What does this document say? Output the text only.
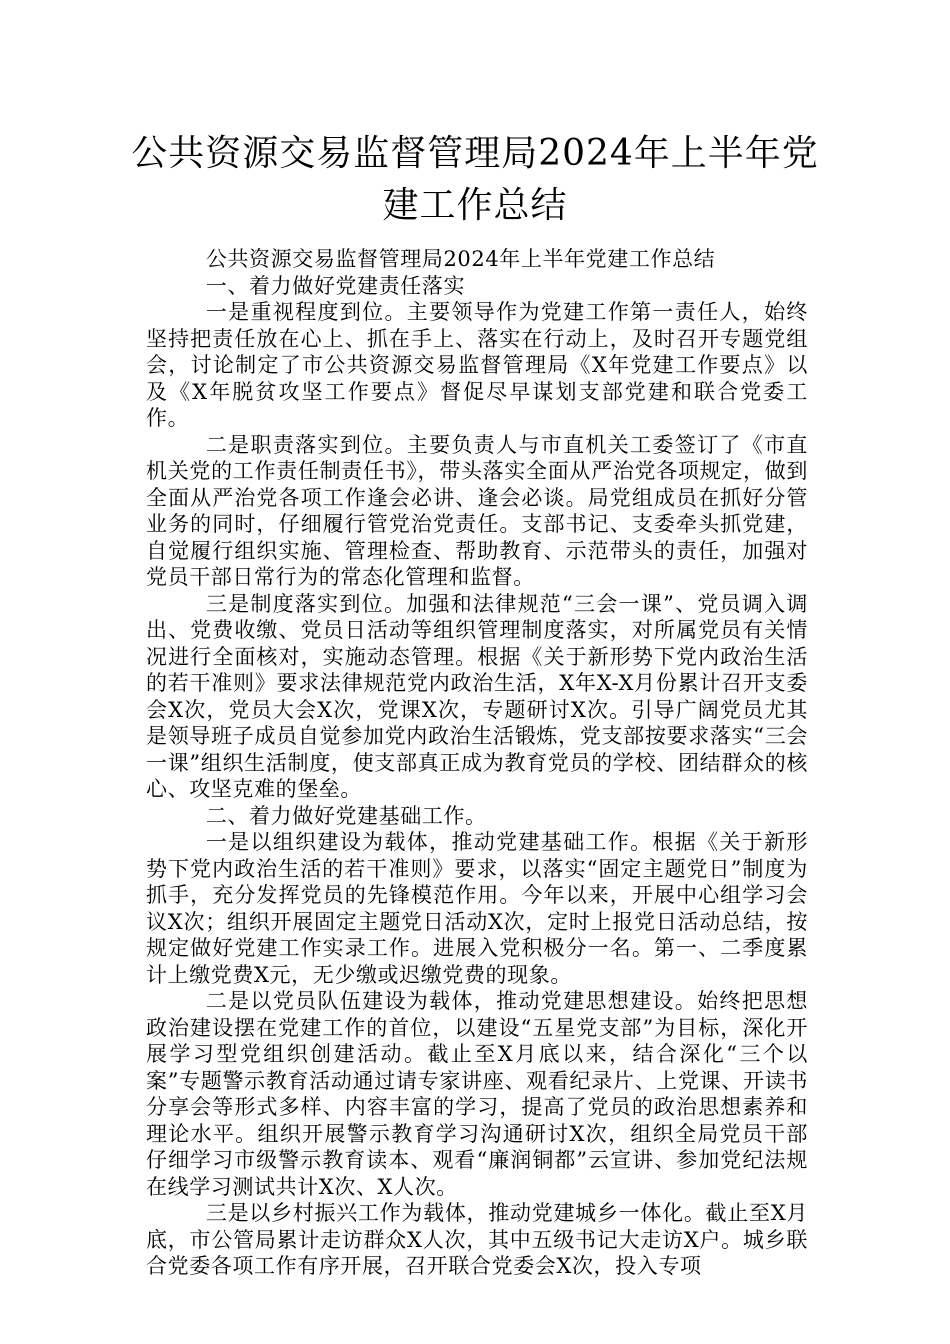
公共资源交易监督管理局2024年上半年党建工作总结

公共资源交易监督管理局2024年上半年党建工作总结

一、着力做好党建责任落实

一是重视程度到位。主要领导作为党建工作第一责任人，始终坚持把责任放在心上、抓在手上、落实在行动上，及时召开专题党组会，讨论制定了市公共资源交易监督管理局《X年党建工作要点》以及《X年脱贫攻坚工作要点》督促尽早谋划支部党建和联合党委工作。

二是职责落实到位。主要负责人与市直机关工委签订了《市直机关党的工作责任制责任书》，带头落实全面从严治党各项规定，做到全面从严治党各项工作逢会必讲、逢会必谈。局党组成员在抓好分管业务的同时，仔细履行管党治党责任。支部书记、支委牵头抓党建，自觉履行组织实施、管理检查、帮助教育、示范带头的责任，加强对党员干部日常行为的常态化管理和监督。

三是制度落实到位。加强和法律规范“三会一课”、党员调入调出、党费收缴、党员日活动等组织管理制度落实，对所属党员有关情况进行全面核对，实施动态管理。根据《关于新形势下党内政治生活的若干准则》要求法律规范党内政治生活，X年X-X月份累计召开支委会X次，党员大会X次，党课X次，专题研讨X次。引导广阔党员尤其是领导班子成员自觉参加党内政治生活锻炼，党支部按要求落实“三会一课”组织生活制度，使支部真正成为教育党员的学校、团结群众的核心、攻坚克难的堡垒。

二、着力做好党建基础工作。

一是以组织建设为载体，推动党建基础工作。根据《关于新形势下党内政治生活的若干准则》要求，以落实“固定主题党日”制度为抓手，充分发挥党员的先锋模范作用。今年以来，开展中心组学习会议X次；组织开展固定主题党日活动X次，定时上报党日活动总结，按规定做好党建工作实录工作。进展入党积极分一名。第一、二季度累计上缴党费X元，无少缴或迟缴党费的现象。

二是以党员队伍建设为载体，推动党建思想建设。始终把思想政治建设摆在党建工作的首位，以建设“五星党支部”为目标，深化开展学习型党组织创建活动。截止至X月底以来，结合深化“三个以案”专题警示教育活动通过请专家讲座、观看纪录片、上党课、开读书分享会等形式多样、内容丰富的学习，提高了党员的政治思想素养和理论水平。组织开展警示教育学习沟通研讨X次，组织全局党员干部仔细学习市级警示教育读本、观看“廉润铜都”云宣讲、参加党纪法规在线学习测试共计X次、X人次。

三是以乡村振兴工作为载体，推动党建城乡一体化。截止至X月底，市公管局累计走访群众X人次，其中五级书记大走访X户。城乡联合党委各项工作有序开展，召开联合党委会X次，投入专项
